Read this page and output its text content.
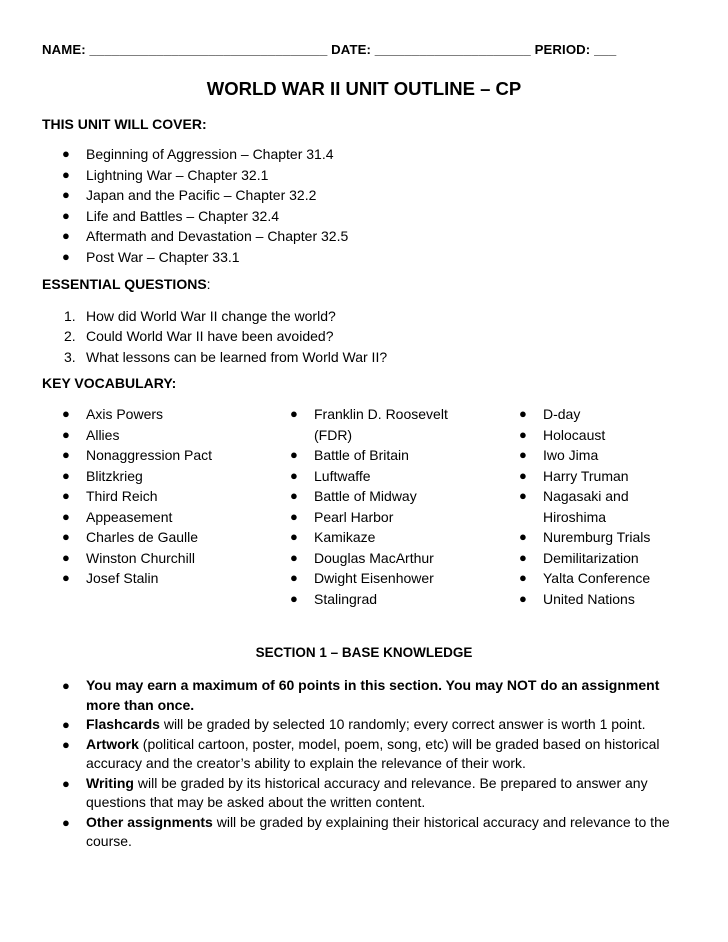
NAME: ________________________________ DATE: _____________________ PERIOD: ___
WORLD WAR II UNIT OUTLINE – CP
THIS UNIT WILL COVER:
● Beginning of Aggression – Chapter 31.4
● Lightning War – Chapter 32.1
● Japan and the Pacific – Chapter 32.2
● Life and Battles – Chapter 32.4
● Aftermath and Devastation – Chapter 32.5
● Post War – Chapter 33.1
ESSENTIAL QUESTIONS:
1. How did World War II change the world?
2. Could World War II have been avoided?
3. What lessons can be learned from World War II?
KEY VOCABULARY:
● Axis Powers
● Allies
● Nonaggression Pact
● Blitzkrieg
● Third Reich
● Appeasement
● Charles de Gaulle
● Winston Churchill
● Josef Stalin
● Franklin D. Roosevelt (FDR)
● Battle of Britain
● Luftwaffe
● Battle of Midway
● Pearl Harbor
● Kamikaze
● Douglas MacArthur
● Dwight Eisenhower
● Stalingrad
● D-day
● Holocaust
● Iwo Jima
● Harry Truman
● Nagasaki and Hiroshima
● Nuremburg Trials
● Demilitarization
● Yalta Conference
● United Nations
SECTION 1 – BASE KNOWLEDGE
● You may earn a maximum of 60 points in this section. You may NOT do an assignment more than once.
● Flashcards will be graded by selected 10 randomly; every correct answer is worth 1 point.
● Artwork (political cartoon, poster, model, poem, song, etc) will be graded based on historical accuracy and the creator’s ability to explain the relevance of their work.
● Writing will be graded by its historical accuracy and relevance. Be prepared to answer any questions that may be asked about the written content.
● Other assignments will be graded by explaining their historical accuracy and relevance to the course.
